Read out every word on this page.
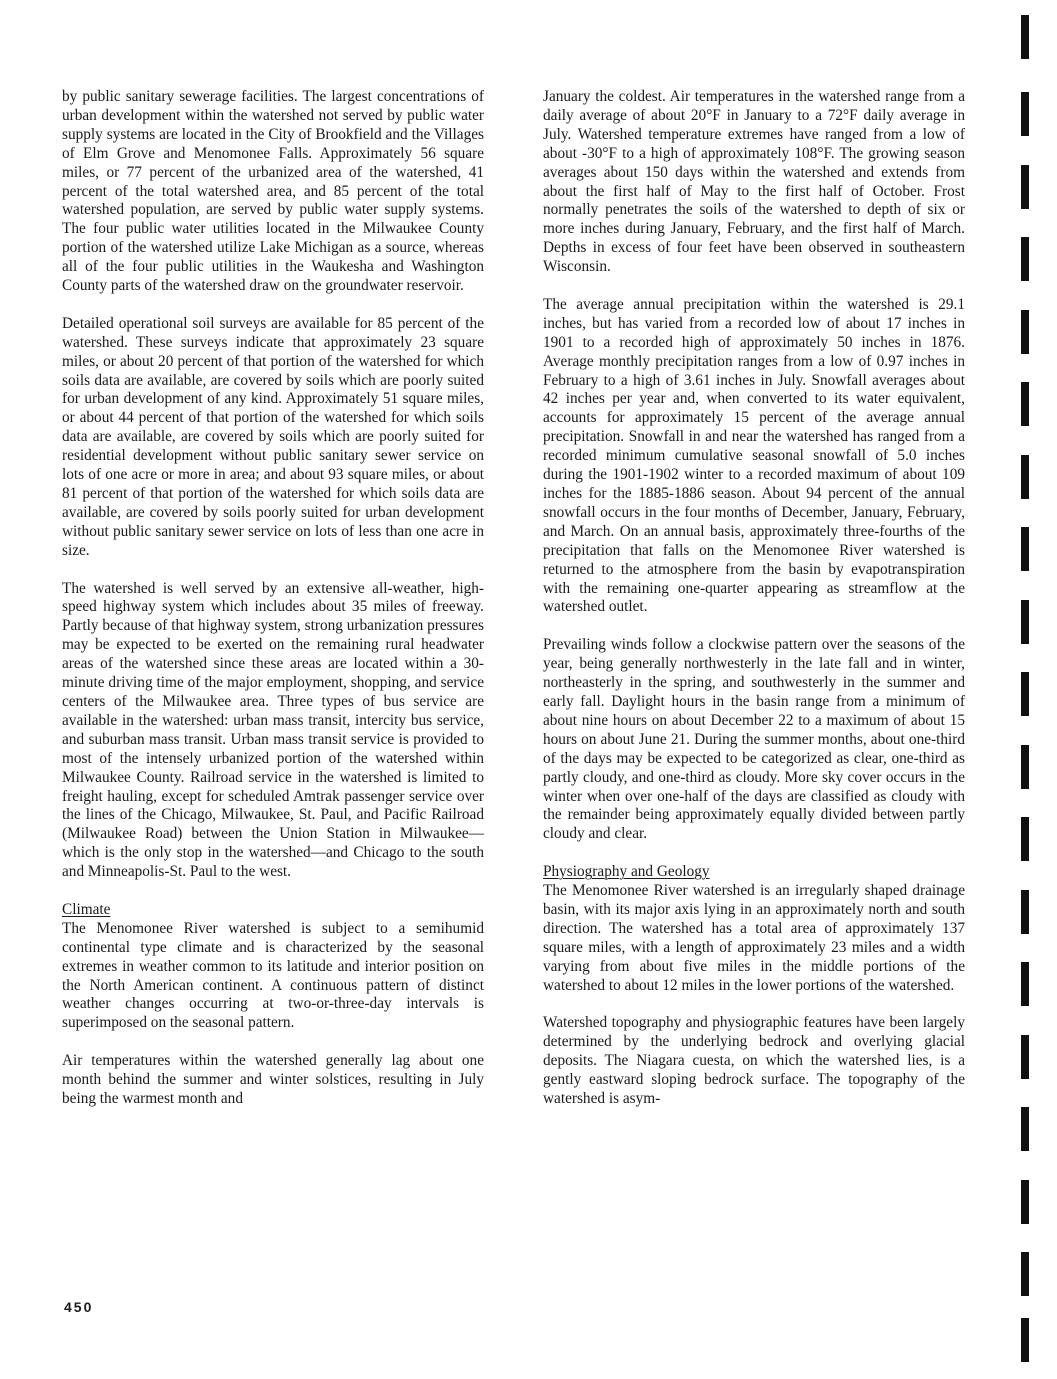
by public sanitary sewerage facilities. The largest concentrations of urban development within the watershed not served by public water supply systems are located in the City of Brookfield and the Villages of Elm Grove and Menomonee Falls. Approximately 56 square miles, or 77 percent of the urbanized area of the watershed, 41 percent of the total watershed area, and 85 percent of the total watershed population, are served by public water supply systems. The four public water utilities located in the Milwaukee County portion of the watershed utilize Lake Michigan as a source, whereas all of the four public utilities in the Waukesha and Washington County parts of the watershed draw on the groundwater reservoir.

Detailed operational soil surveys are available for 85 percent of the watershed. These surveys indicate that approximately 23 square miles, or about 20 percent of that portion of the watershed for which soils data are available, are covered by soils which are poorly suited for urban development of any kind. Approximately 51 square miles, or about 44 percent of that portion of the watershed for which soils data are available, are covered by soils which are poorly suited for residential development without public sanitary sewer service on lots of one acre or more in area; and about 93 square miles, or about 81 percent of that portion of the watershed for which soils data are available, are covered by soils poorly suited for urban development without public sanitary sewer service on lots of less than one acre in size.

The watershed is well served by an extensive all-weather, high-speed highway system which includes about 35 miles of freeway. Partly because of that highway system, strong urbanization pressures may be expected to be exerted on the remaining rural headwater areas of the watershed since these areas are located within a 30-minute driving time of the major employment, shopping, and service centers of the Milwaukee area. Three types of bus service are available in the watershed: urban mass transit, intercity bus service, and suburban mass transit. Urban mass transit service is provided to most of the intensely urbanized portion of the watershed within Milwaukee County. Railroad service in the watershed is limited to freight hauling, except for scheduled Amtrak passenger service over the lines of the Chicago, Milwaukee, St. Paul, and Pacific Railroad (Milwaukee Road) between the Union Station in Milwaukee—which is the only stop in the watershed—and Chicago to the south and Minneapolis-St. Paul to the west.

Climate

The Menomonee River watershed is subject to a semihumid continental type climate and is characterized by the seasonal extremes in weather common to its latitude and interior position on the North American continent. A continuous pattern of distinct weather changes occurring at two-or-three-day intervals is superimposed on the seasonal pattern.

Air temperatures within the watershed generally lag about one month behind the summer and winter solstices, resulting in July being the warmest month and

January the coldest. Air temperatures in the watershed range from a daily average of about 20°F in January to a 72°F daily average in July. Watershed temperature extremes have ranged from a low of about -30°F to a high of approximately 108°F. The growing season averages about 150 days within the watershed and extends from about the first half of May to the first half of October. Frost normally penetrates the soils of the watershed to depth of six or more inches during January, February, and the first half of March. Depths in excess of four feet have been observed in southeastern Wisconsin.

The average annual precipitation within the watershed is 29.1 inches, but has varied from a recorded low of about 17 inches in 1901 to a recorded high of approximately 50 inches in 1876. Average monthly precipitation ranges from a low of 0.97 inches in February to a high of 3.61 inches in July. Snowfall averages about 42 inches per year and, when converted to its water equivalent, accounts for approximately 15 percent of the average annual precipitation. Snowfall in and near the watershed has ranged from a recorded minimum cumulative seasonal snowfall of 5.0 inches during the 1901-1902 winter to a recorded maximum of about 109 inches for the 1885-1886 season. About 94 percent of the annual snowfall occurs in the four months of December, January, February, and March. On an annual basis, approximately three-fourths of the precipitation that falls on the Menomonee River watershed is returned to the atmosphere from the basin by evapotranspiration with the remaining one-quarter appearing as streamflow at the watershed outlet.

Prevailing winds follow a clockwise pattern over the seasons of the year, being generally northwesterly in the late fall and in winter, northeasterly in the spring, and southwesterly in the summer and early fall. Daylight hours in the basin range from a minimum of about nine hours on about December 22 to a maximum of about 15 hours on about June 21. During the summer months, about one-third of the days may be expected to be categorized as clear, one-third as partly cloudy, and one-third as cloudy. More sky cover occurs in the winter when over one-half of the days are classified as cloudy with the remainder being approximately equally divided between partly cloudy and clear.

Physiography and Geology

The Menomonee River watershed is an irregularly shaped drainage basin, with its major axis lying in an approximately north and south direction. The watershed has a total area of approximately 137 square miles, with a length of approximately 23 miles and a width varying from about five miles in the middle portions of the watershed to about 12 miles in the lower portions of the watershed.

Watershed topography and physiographic features have been largely determined by the underlying bedrock and overlying glacial deposits. The Niagara cuesta, on which the watershed lies, is a gently eastward sloping bedrock surface. The topography of the watershed is asym-

450
